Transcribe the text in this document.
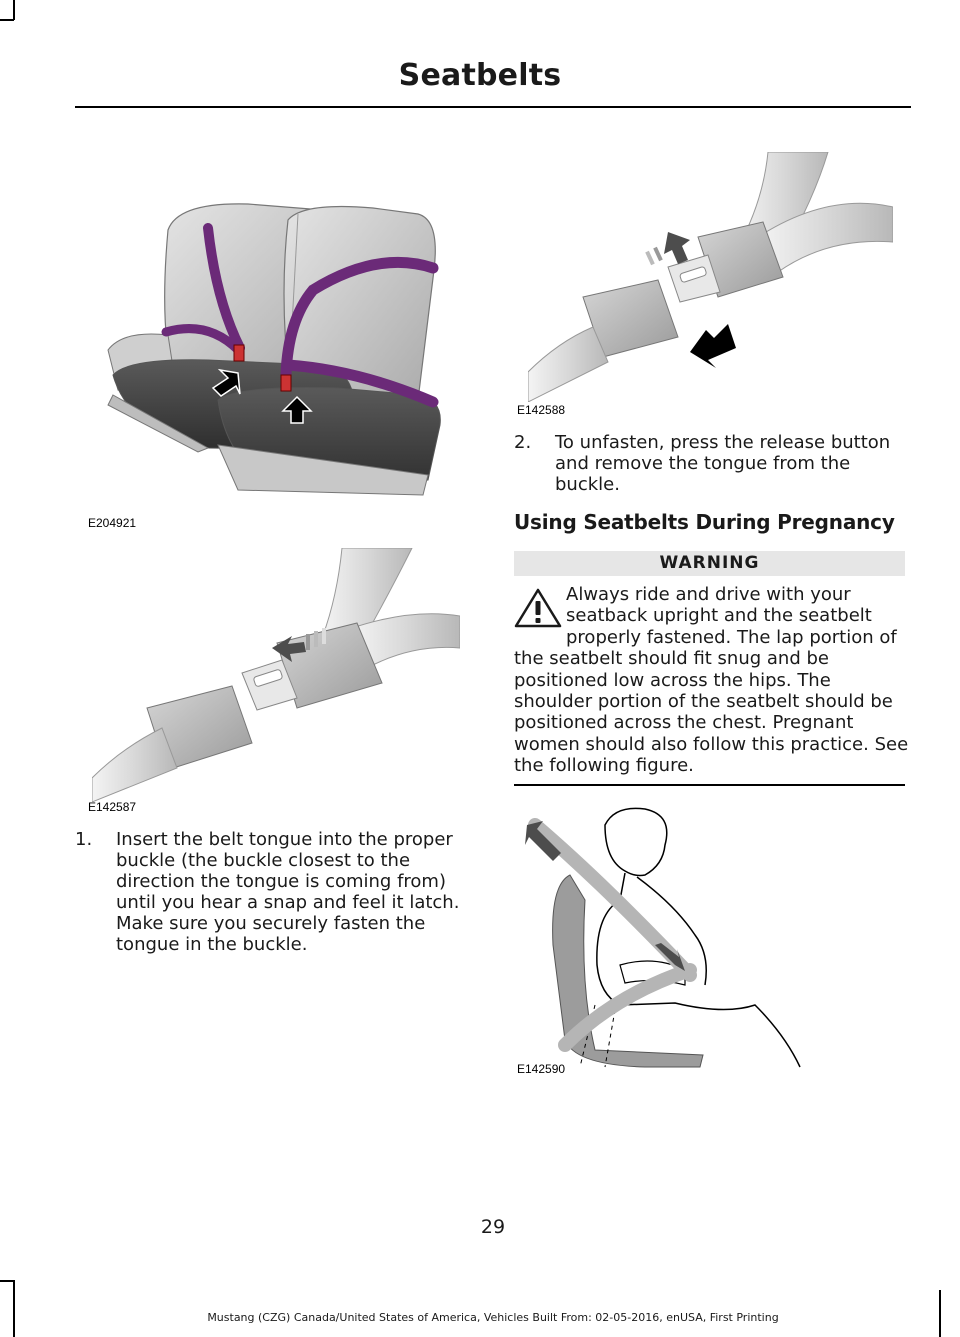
Seatbelts
E204921
E142587
E142588
1. Insert the belt tongue into the proper buckle (the buckle closest to the direction the tongue is coming from) until you hear a snap and feel it latch. Make sure you securely fasten the tongue in the buckle.
2. To unfasten, press the release button and remove the tongue from the buckle.
Using Seatbelts During Pregnancy
WARNING
Always ride and drive with your seatback upright and the seatbelt properly fastened. The lap portion of the seatbelt should fit snug and be positioned low across the hips. The shoulder portion of the seatbelt should be positioned across the chest. Pregnant women should also follow this practice. See the following figure.
E142590
29
Mustang (CZG) Canada/United States of America, Vehicles Built From: 02-05-2016, enUSA, First Printing
